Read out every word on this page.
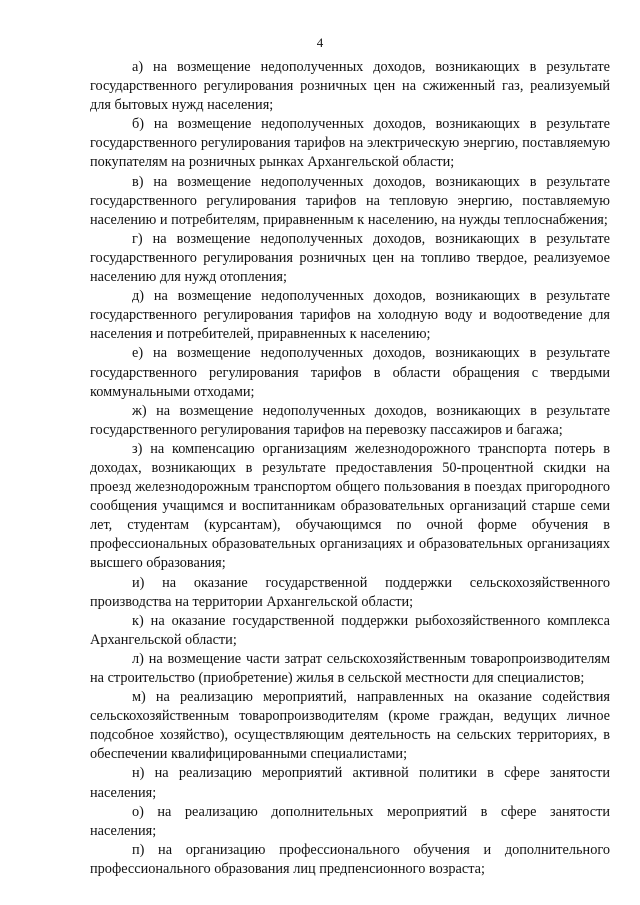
4

а) на возмещение недополученных доходов, возникающих в результате государственного регулирования розничных цен на сжиженный газ, реализуемый для бытовых нужд населения;

б) на возмещение недополученных доходов, возникающих в результате государственного регулирования тарифов на электрическую энергию, поставляемую покупателям на розничных рынках Архангельской области;

в) на возмещение недополученных доходов, возникающих в результате государственного регулирования тарифов на тепловую энергию, поставляемую населению и потребителям, приравненным к населению, на нужды теплоснабжения;

г) на возмещение недополученных доходов, возникающих в результате государственного регулирования розничных цен на топливо твердое, реализуемое населению для нужд отопления;

д) на возмещение недополученных доходов, возникающих в результате государственного регулирования тарифов на холодную воду и водоотведение для населения и потребителей, приравненных к населению;

е) на возмещение недополученных доходов, возникающих в результате государственного регулирования тарифов в области обращения с твердыми коммунальными отходами;

ж) на возмещение недополученных доходов, возникающих в результате государственного регулирования тарифов на перевозку пассажиров и багажа;

з) на компенсацию организациям железнодорожного транспорта потерь в доходах, возникающих в результате предоставления 50-процентной скидки на проезд железнодорожным транспортом общего пользования в поездах пригородного сообщения учащимся и воспитанникам образовательных организаций старше семи лет, студентам (курсантам), обучающимся по очной форме обучения в профессиональных образовательных организациях и образовательных организациях высшего образования;

и) на оказание государственной поддержки сельскохозяйственного производства на территории Архангельской области;

к) на оказание государственной поддержки рыбохозяйственного комплекса Архангельской области;

л) на возмещение части затрат сельскохозяйственным товаропроизводителям на строительство (приобретение) жилья в сельской местности для специалистов;

м) на реализацию мероприятий, направленных на оказание содействия сельскохозяйственным товаропроизводителям (кроме граждан, ведущих личное подсобное хозяйство), осуществляющим деятельность на сельских территориях, в обеспечении квалифицированными специалистами;

н) на реализацию мероприятий активной политики в сфере занятости населения;

о) на реализацию дополнительных мероприятий в сфере занятости населения;

п) на организацию профессионального обучения и дополнительного профессионального образования лиц предпенсионного возраста;
